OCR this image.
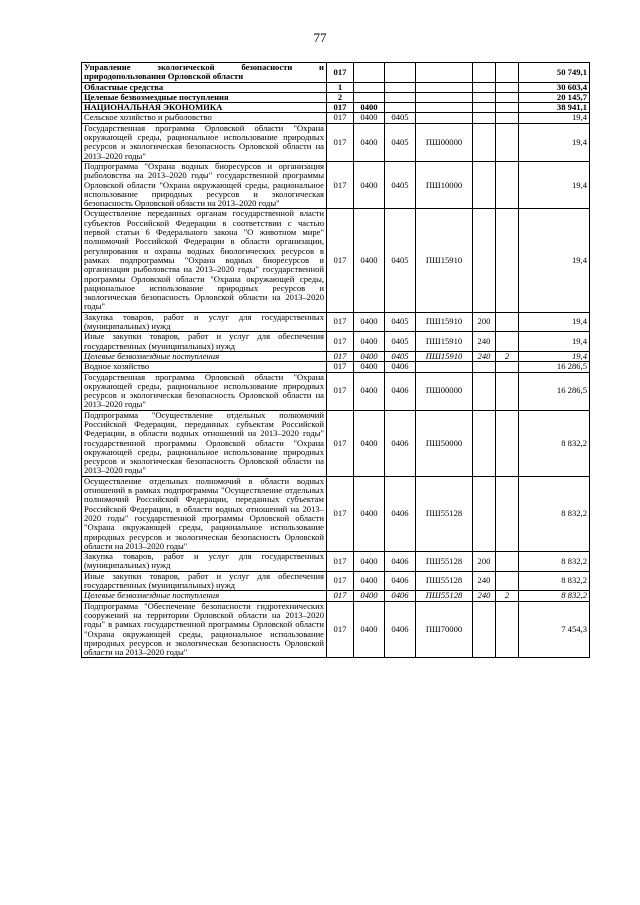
77
Управление экологической безопасности и природопользования Орловской области	017						50 749,1
Областные средства	1						30 603,4
Целевые безвозмездные поступления	2						20 145,7
НАЦИОНАЛЬНАЯ ЭКОНОМИКА	017	0400					38 941,1
Сельское хозяйство и рыболовство	017	0400	0405				19,4
Государственная программа Орловской области "Охрана окружающей среды, рациональное использование природных ресурсов и экологическая безопасность Орловской области на 2013–2020 годы"	017	0400	0405	ПШ00000			19,4
Подпрограмма "Охрана водных биоресурсов и организация рыболовства на 2013–2020 годы" государственной программы Орловской области "Охрана окружающей среды, рациональное использование природных ресурсов и экологическая безопасность Орловской области на 2013–2020 годы"	017	0400	0405	ПШ10000			19,4
Осуществление переданных органам государственной власти субъектов Российской Федерации в соответствии с частью первой статьи 6 Федерального закона "О животном мире" полномочий Российской Федерации в области организации, регулирования и охраны водных биологических ресурсов в рамках подпрограммы "Охрана водных биоресурсов и организация рыболовства на 2013–2020 годы" государственной программы Орловской области "Охрана окружающей среды, рациональное использование природных ресурсов и экологическая безопасность Орловской области на 2013–2020 годы"	017	0400	0405	ПШ15910			19,4
Закупка товаров, работ и услуг для государственных (муниципальных) нужд	017	0400	0405	ПШ15910	200		19,4
Иные закупки товаров, работ и услуг для обеспечения государственных (муниципальных) нужд	017	0400	0405	ПШ15910	240		19,4
Целевые безвозмездные поступления	017	0400	0405	ПШ15910	240	2	19,4
Водное хозяйство	017	0400	0406				16 286,5
Государственная программа Орловской области "Охрана окружающей среды, рациональное использование природных ресурсов и экологическая безопасность Орловской области на 2013–2020 годы"	017	0400	0406	ПШ00000			16 286,5
Подпрограмма "Осуществление отдельных полномочий Российской Федерации, переданных субъектам Российской Федерации, в области водных отношений на 2013–2020 годы" государственной программы Орловской области "Охрана окружающей среды, рациональное использование природных ресурсов и экологическая безопасность Орловской области на 2013–2020 годы"	017	0400	0406	ПШ50000			8 832,2
Осуществление отдельных полномочий в области водных отношений в рамках подпрограммы "Осуществление отдельных полномочий Российской Федерации, переданных субъектам Российской Федерации, в области водных отношений на 2013–2020 годы" государственной программы Орловской области "Охрана окружающей среды, рациональное использование природных ресурсов и экологическая безопасность Орловской области на 2013–2020 годы"	017	0400	0406	ПШ55128			8 832,2
Закупка товаров, работ и услуг для государственных (муниципальных) нужд	017	0400	0406	ПШ55128	200		8 832,2
Иные закупки товаров, работ и услуг для обеспечения государственных (муниципальных) нужд	017	0400	0406	ПШ55128	240		8 832,2
Целевые безвозмездные поступления	017	0400	0406	ПШ55128	240	2	8 832,2
Подпрограмма "Обеспечение безопасности гидротехнических сооружений на территории Орловской области на 2013–2020 годы" в рамках государственной программы Орловской области "Охрана окружающей среды, рациональное использование природных ресурсов и экологическая безопасность Орловской области на 2013–2020 годы"	017	0400	0406	ПШ70000			7 454,3
